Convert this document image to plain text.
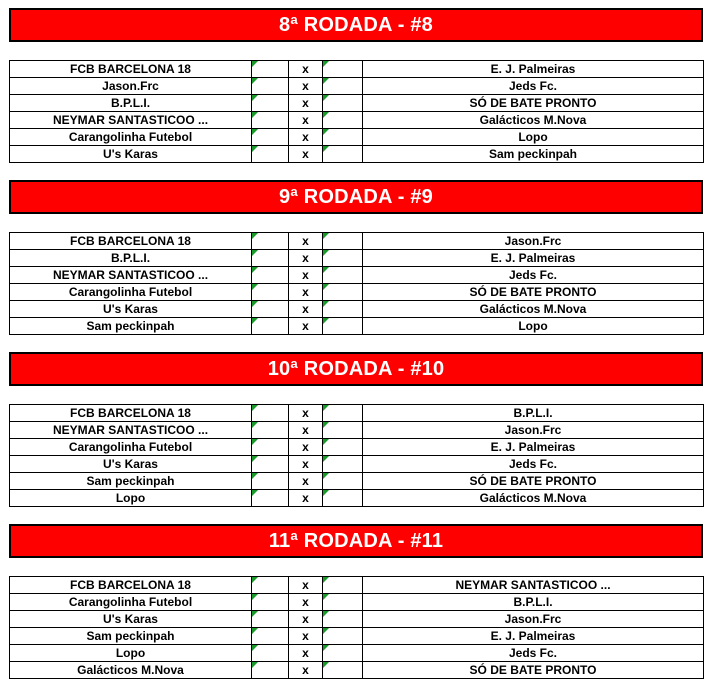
8ª RODADA - #8
FCB BARCELONA 18		x		E. J. Palmeiras
Jason.Frc		x		Jeds Fc.
B.P.L.I.		x		SÓ DE BATE PRONTO
NEYMAR SANTASTICOO ...		x		Galácticos M.Nova
Carangolinha Futebol		x		Lopo
U's Karas		x		Sam peckinpah
9ª RODADA - #9
FCB BARCELONA 18		x		Jason.Frc
B.P.L.I.		x		E. J. Palmeiras
NEYMAR SANTASTICOO ...		x		Jeds Fc.
Carangolinha Futebol		x		SÓ DE BATE PRONTO
U's Karas		x		Galácticos M.Nova
Sam peckinpah		x		Lopo
10ª RODADA - #10
FCB BARCELONA 18		x		B.P.L.I.
NEYMAR SANTASTICOO ...		x		Jason.Frc
Carangolinha Futebol		x		E. J. Palmeiras
U's Karas		x		Jeds Fc.
Sam peckinpah		x		SÓ DE BATE PRONTO
Lopo		x		Galácticos M.Nova
11ª RODADA - #11
FCB BARCELONA 18		x		NEYMAR SANTASTICOO ...
Carangolinha Futebol		x		B.P.L.I.
U's Karas		x		Jason.Frc
Sam peckinpah		x		E. J. Palmeiras
Lopo		x		Jeds Fc.
Galácticos M.Nova		x		SÓ DE BATE PRONTO
